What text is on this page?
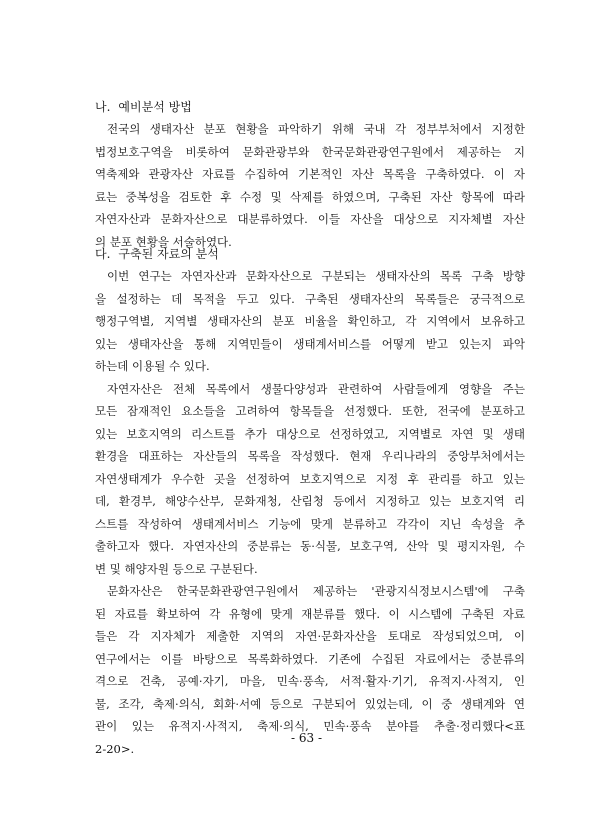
나. 예비분석 방법
전국의 생태자산 분포 현황을 파악하기 위해 국내 각 정부부처에서 지정한
법정보호구역을 비롯하여 문화관광부와 한국문화관광연구원에서 제공하는 지
역축제와 관광자산 자료를 수집하여 기본적인 자산 목록을 구축하였다. 이 자
료는 중복성을 검토한 후 수정 및 삭제를 하였으며, 구축된 자산 항목에 따라
자연자산과 문화자산으로 대분류하였다. 이들 자산을 대상으로 지자체별 자산
의 분포 현황을 서술하였다.
다. 구축된 자료의 분석
이번 연구는 자연자산과 문화자산으로 구분되는 생태자산의 목록 구축 방향
을 설정하는 데 목적을 두고 있다. 구축된 생태자산의 목록들은 궁극적으로
행정구역별, 지역별 생태자산의 분포 비율을 확인하고, 각 지역에서 보유하고
있는 생태자산을 통해 지역민들이 생태계서비스를 어떻게 받고 있는지 파악
하는데 이용될 수 있다.
자연자산은 전체 목록에서 생물다양성과 관련하여 사람들에게 영향을 주는
모든 잠재적인 요소들을 고려하여 항목들을 선정했다. 또한, 전국에 분포하고
있는 보호지역의 리스트를 추가 대상으로 선정하였고, 지역별로 자연 및 생태
환경을 대표하는 자산들의 목록을 작성했다. 현재 우리나라의 중앙부처에서는
자연생태계가 우수한 곳을 선정하여 보호지역으로 지정 후 관리를 하고 있는
데, 환경부, 해양수산부, 문화재청, 산림청 등에서 지정하고 있는 보호지역 리
스트를 작성하여 생태계서비스 기능에 맞게 분류하고 각각이 지닌 속성을 추
출하고자 했다. 자연자산의 중분류는 동·식물, 보호구역, 산악 및 평지자원, 수
변 및 해양자원 등으로 구분된다.
문화자산은 한국문화관광연구원에서 제공하는 '관광지식정보시스템'에 구축
된 자료를 확보하여 각 유형에 맞게 재분류를 했다. 이 시스템에 구축된 자료
들은 각 지자체가 제출한 지역의 자연·문화자산을 토대로 작성되었으며, 이
연구에서는 이를 바탕으로 목록화하였다. 기존에 수집된 자료에서는 중분류의
격으로 건축, 공예·자기, 마을, 민속·풍속, 서적·활자·기기, 유적지·사적지, 인
물, 조각, 축제·의식, 회화·서예 등으로 구분되어 있었는데, 이 중 생태계와 연
관이 있는 유적지·사적지, 축제·의식, 민속·풍속 분야를 추출·정리했다<표
2-20>.
- 63 -
